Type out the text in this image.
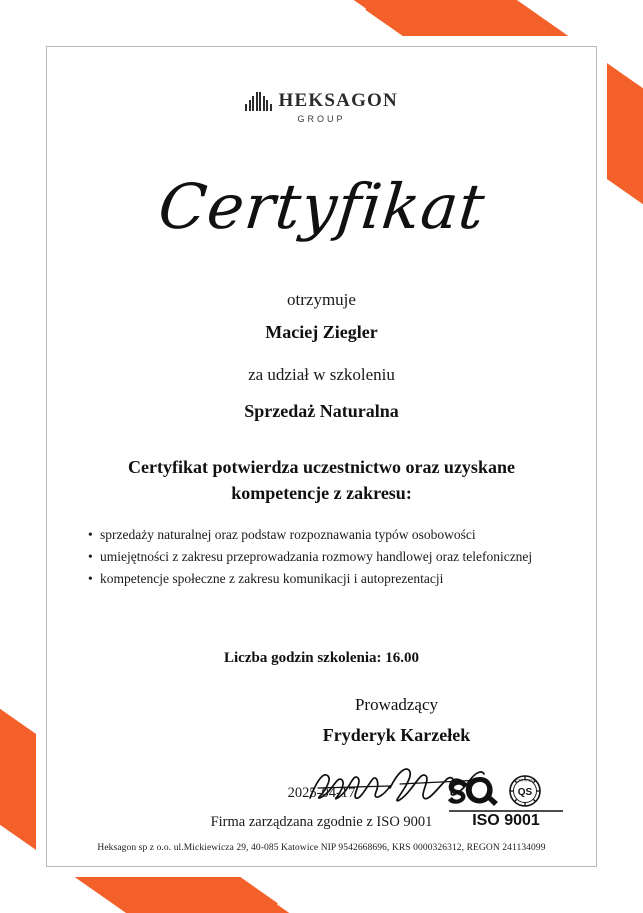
HEKSAGON
GROUP
Certyfikat
otrzymuje
Maciej Ziegler
za udział w szkoleniu
Sprzedaż Naturalna
Certyfikat potwierdza uczestnictwo oraz uzyskane kompetencje z zakresu:
• sprzedaży naturalnej oraz podstaw rozpoznawania typów osobowości
• umiejętności z zakresu przeprowadzania rozmowy handlowej oraz telefonicznej
• kompetencje społeczne z zakresu komunikacji i autoprezentacji
Liczba godzin szkolenia: 16.00
Prowadzący
Fryderyk Karzełek
2025-04-17
Firma zarządzana zgodnie z ISO 9001
QS
CERTIFIED
ISO 9001
Heksagon sp z o.o. ul.Mickiewicza 29, 40-085 Katowice NIP 9542668696, KRS 0000326312, REGON 241134099
